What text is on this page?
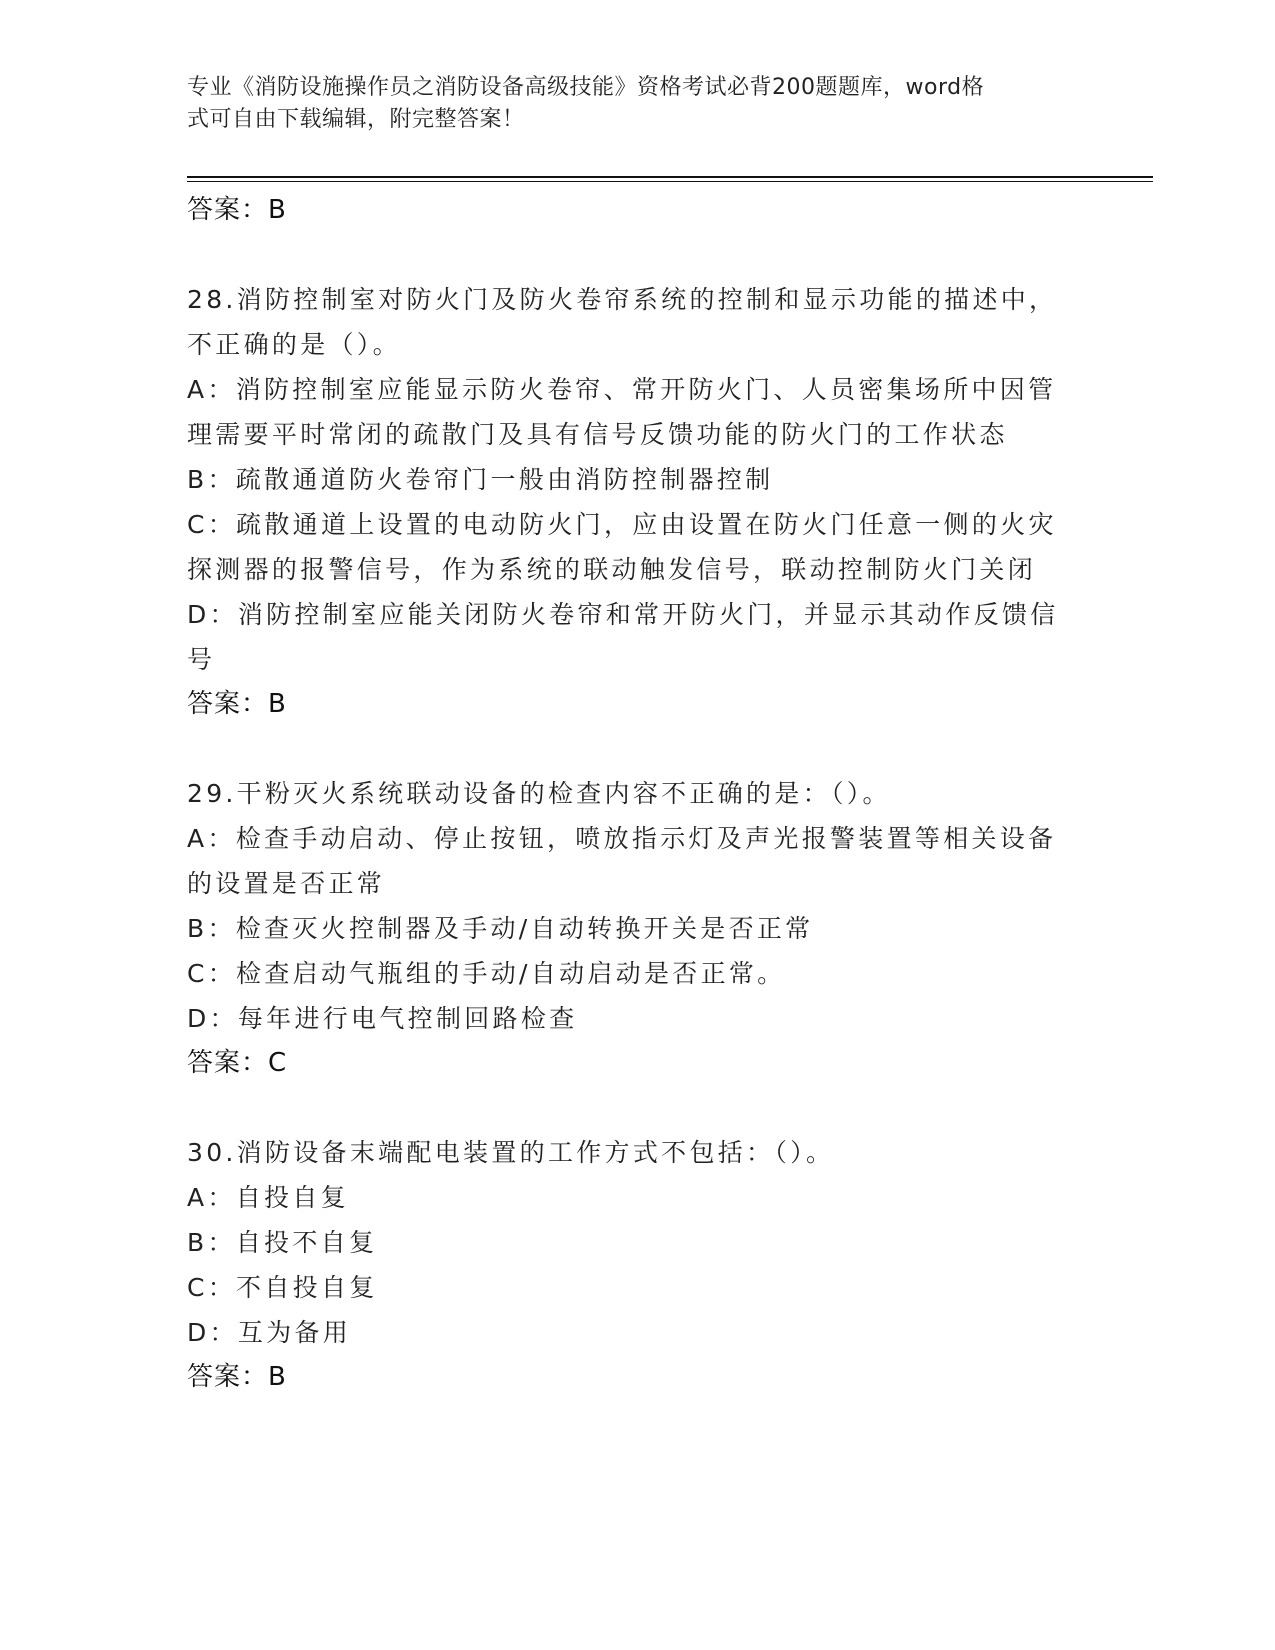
专业《消防设施操作员之消防设备高级技能》资格考试必背200题题库，word格
式可自由下载编辑，附完整答案！
答案：B
28.消防控制室对防火门及防火卷帘系统的控制和显示功能的描述中，
不正确的是（）。
A：消防控制室应能显示防火卷帘、常开防火门、人员密集场所中因管
理需要平时常闭的疏散门及具有信号反馈功能的防火门的工作状态
B：疏散通道防火卷帘门一般由消防控制器控制
C：疏散通道上设置的电动防火门，应由设置在防火门任意一侧的火灾
探测器的报警信号，作为系统的联动触发信号，联动控制防火门关闭
D：消防控制室应能关闭防火卷帘和常开防火门，并显示其动作反馈信
号
答案：B
29.干粉灭火系统联动设备的检查内容不正确的是：（）。
A：检查手动启动、停止按钮，喷放指示灯及声光报警装置等相关设备
的设置是否正常
B：检查灭火控制器及手动/自动转换开关是否正常
C：检查启动气瓶组的手动/自动启动是否正常。
D：每年进行电气控制回路检查
答案：C
30.消防设备末端配电装置的工作方式不包括：（）。
A：自投自复
B：自投不自复
C：不自投自复
D：互为备用
答案：B
